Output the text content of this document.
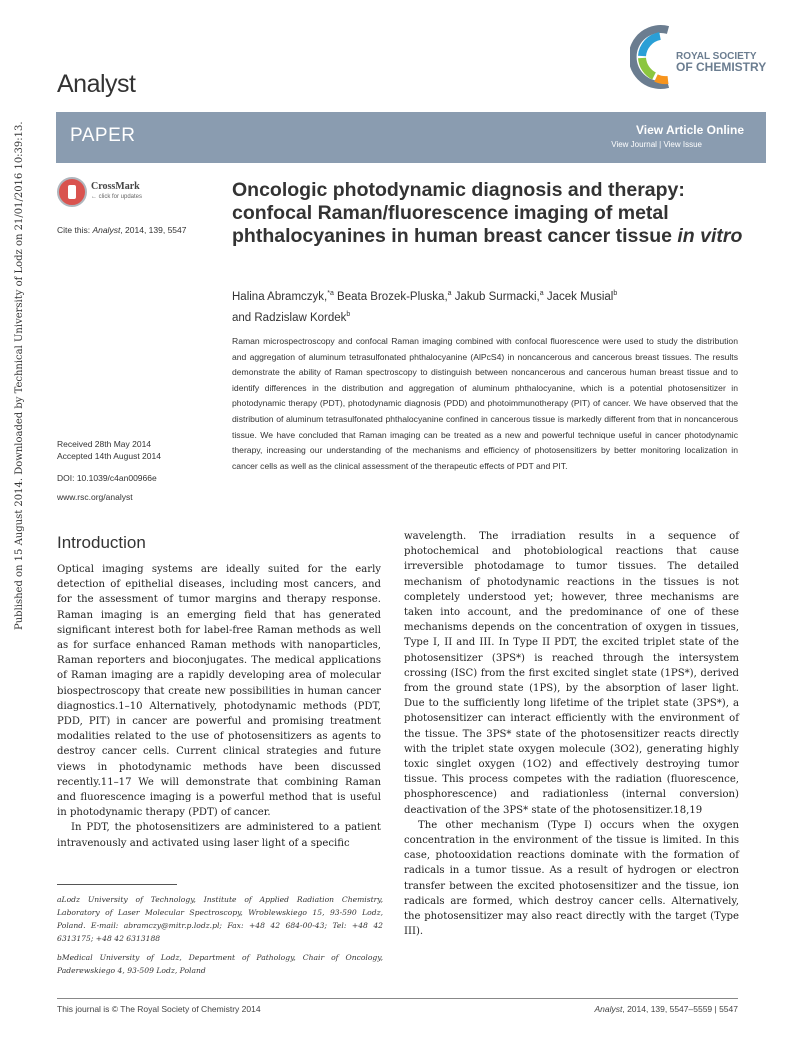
Published on 15 August 2014. Downloaded by Technical University of Lodz on 21/01/2016 10:39:13.
Analyst
ROYAL SOCIETY
OF CHEMISTRY
PAPER	View Article Online
View Journal | View Issue
CrossMark
← click for updates
Cite this: Analyst, 2014, 139, 5547
Received 28th May 2014
Accepted 14th August 2014
DOI: 10.1039/c4an00966e
www.rsc.org/analyst
Oncologic photodynamic diagnosis and therapy: confocal Raman/fluorescence imaging of metal phthalocyanines in human breast cancer tissue in vitro
Halina Abramczyk,$^{*a}$ Beata Brozek-Pluska,$^a$ Jakub Surmacki,$^a$ Jacek Musial$^b$
and Radzislaw Kordek$^b$
Raman microspectroscopy and confocal Raman imaging combined with confocal fluorescence were used to study the distribution and aggregation of aluminum tetrasulfonated phthalocyanine (AlPcS4) in noncancerous and cancerous breast tissues. The results demonstrate the ability of Raman spectroscopy to distinguish between noncancerous and cancerous human breast tissue and to identify differences in the distribution and aggregation of aluminum phthalocyanine, which is a potential photosensitizer in photodynamic therapy (PDT), photodynamic diagnosis (PDD) and photoimmunotherapy (PIT) of cancer. We have observed that the distribution of aluminum tetrasulfonated phthalocyanine confined in cancerous tissue is markedly different from that in noncancerous tissue. We have concluded that Raman imaging can be treated as a new and powerful technique useful in cancer photodynamic therapy, increasing our understanding of the mechanisms and efficiency of photosensitizers by better monitoring localization in cancer cells as well as the clinical assessment of the therapeutic effects of PDT and PIT.
Introduction

Optical imaging systems are ideally suited for the early detection of epithelial diseases, including most cancers, and for the assessment of tumor margins and therapy response. Raman imaging is an emerging field that has generated significant interest both for label-free Raman methods as well as for surface enhanced Raman methods with nanoparticles, Raman reporters and bioconjugates. The medical applications of Raman imaging are a rapidly developing area of molecular biospectroscopy that create new possibilities in human cancer diagnostics.1–10 Alternatively, photodynamic methods (PDT, PDD, PIT) in cancer are powerful and promising treatment modalities related to the use of photosensitizers as agents to destroy cancer cells. Current clinical strategies and future views in photodynamic methods have been discussed recently.11–17 We will demonstrate that combining Raman and fluorescence imaging is a powerful method that is useful in photodynamic therapy (PDT) of cancer.

In PDT, the photosensitizers are administered to a patient intravenously and activated using laser light of a specific

wavelength. The irradiation results in a sequence of photochemical and photobiological reactions that cause irreversible photodamage to tumor tissues. The detailed mechanism of photodynamic reactions in the tissues is not completely understood yet; however, three mechanisms are taken into account, and the predominance of one of these mechanisms depends on the concentration of oxygen in tissues, Type I, II and III. In Type II PDT, the excited triplet state of the photosensitizer (3PS*) is reached through the intersystem crossing (ISC) from the first excited singlet state (1PS*), derived from the ground state (1PS), by the absorption of laser light. Due to the sufficiently long lifetime of the triplet state (3PS*), a photosensitizer can interact efficiently with the environment of the tissue. The 3PS* state of the photosensitizer reacts directly with the triplet state oxygen molecule (3O2), generating highly toxic singlet oxygen (1O2) and effectively destroying tumor tissue. This process competes with the radiation (fluorescence, phosphorescence) and radiationless (internal conversion) deactivation of the 3PS* state of the photosensitizer.18,19

The other mechanism (Type I) occurs when the oxygen concentration in the environment of the tissue is limited. In this case, photooxidation reactions dominate with the formation of radicals in a tumor tissue. As a result of hydrogen or electron transfer between the excited photosensitizer and the tissue, ion radicals are formed, which destroy cancer cells. Alternatively, the photosensitizer may also react directly with the target (Type III).

aLodz University of Technology, Institute of Applied Radiation Chemistry, Laboratory of Laser Molecular Spectroscopy, Wroblewskiego 15, 93-590 Lodz, Poland. E-mail: abramczy@mitr.p.lodz.pl; Fax: +48 42 684-00-43; Tel: +48 42 6313175; +48 42 6313188

bMedical University of Lodz, Department of Pathology, Chair of Oncology, Paderewskiego 4, 93-509 Lodz, Poland

This journal is © The Royal Society of Chemistry 2014	Analyst, 2014, 139, 5547–5559 | 5547
